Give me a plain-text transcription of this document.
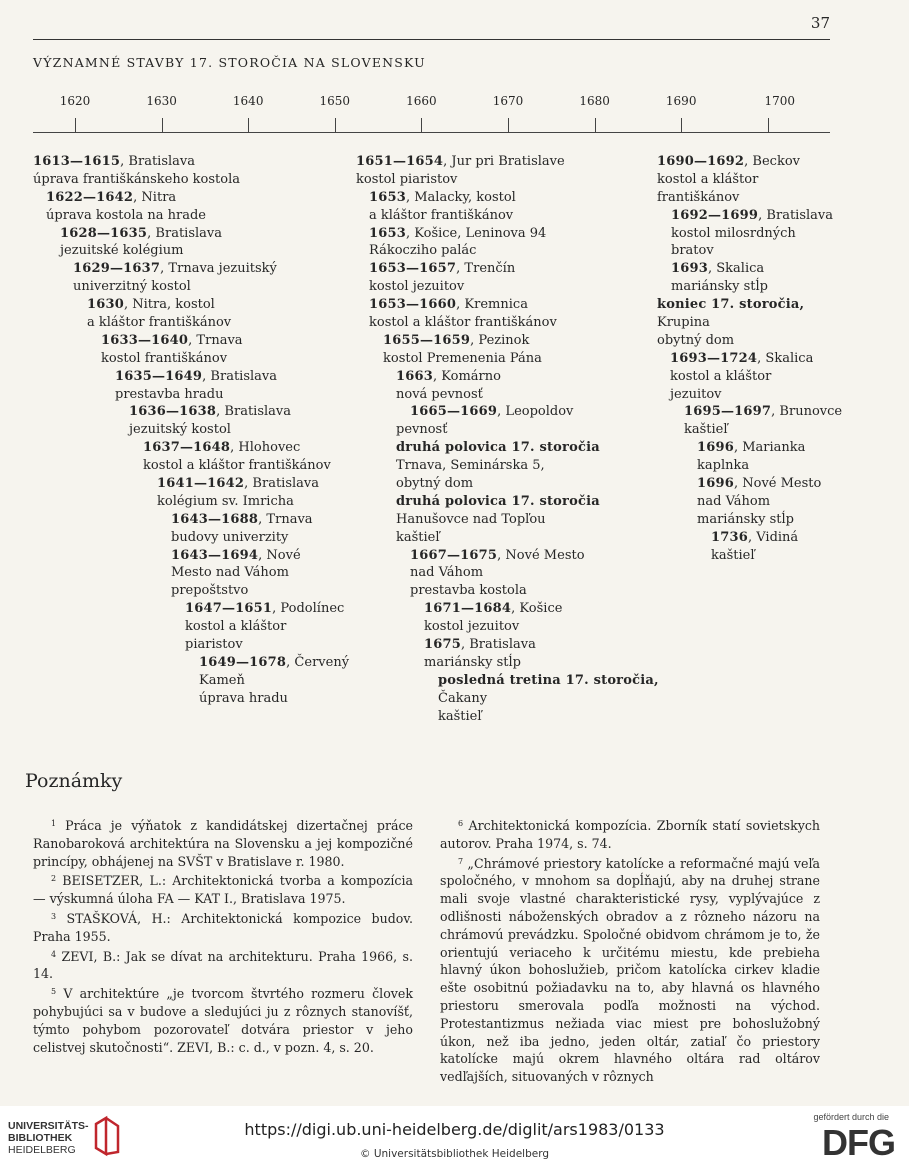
37
VÝZNAMNÉ STAVBY 17. STOROČIA NA SLOVENSKU
1620	1630	1640	1650	1660	1670	1680	1690	1700
1613—1615, Bratislava
úprava františkánskeho kostola
1622—1642, Nitra
úprava kostola na hrade
1628—1635, Bratislava
jezuitské kolégium
1629—1637, Trnava jezuitský
univerzitný kostol
1630, Nitra, kostol
a kláštor františkánov
1633—1640, Trnava
kostol františkánov
1635—1649, Bratislava
prestavba hradu
1636—1638, Bratislava
jezuitský kostol
1637—1648, Hlohovec
kostol a kláštor františkánov
1641—1642, Bratislava
kolégium sv. Imricha
1643—1688, Trnava
budovy univerzity
1643—1694, Nové
Mesto nad Váhom
prepoštstvo
1647—1651, Podolínec
kostol a kláštor
piaristov
1649—1678, Červený
Kameň
úprava hradu
1651—1654, Jur pri Bratislave
kostol piaristov
1653, Malacky, kostol
a kláštor františkánov
1653, Košice, Leninova 94
Rákocziho palác
1653—1657, Trenčín
kostol jezuitov
1653—1660, Kremnica
kostol a kláštor františkánov
1655—1659, Pezinok
kostol Premenenia Pána
1663, Komárno
nová pevnosť
1665—1669, Leopoldov
pevnosť
druhá polovica 17. storočia
Trnava, Seminárska 5,
obytný dom
druhá polovica 17. storočia
Hanušovce nad Topľou
kaštieľ
1667—1675, Nové Mesto
nad Váhom
prestavba kostola
1671—1684, Košice
kostol jezuitov
1675, Bratislava
mariánsky stĺp
posledná tretina 17. storočia,
Čakany
kaštieľ
1690—1692, Beckov
kostol a kláštor
františkánov
1692—1699, Bratislava
kostol milosrdných
bratov
1693, Skalica
mariánsky stĺp
koniec 17. storočia,
Krupina
obytný dom
1693—1724, Skalica
kostol a kláštor
jezuitov
1695—1697, Brunovce
kaštieľ
1696, Marianka
kaplnka
1696, Nové Mesto
nad Váhom
mariánsky stĺp
1736, Vidiná
kaštieľ
Poznámky

$^1$ Práca je výňatok z kandidátskej dizertačnej práce Ranobaroková architektúra na Slovensku a jej kompozičné princípy, obhájenej na SVŠT v Bratislave r. 1980.

$^2$ BEISETZER, L.: Architektonická tvorba a kompozícia — výskumná úloha FA — KAT I., Bratislava 1975.

$^3$ STAŠKOVÁ, H.: Architektonická kompozice budov. Praha 1955.

$^4$ ZEVI, B.: Jak se dívat na architekturu. Praha 1966, s. 14.

$^5$ V architektúre „je tvorcom štvrtého rozmeru človek pohybujúci sa v budove a sledujúci ju z rôznych stanovíšť, týmto pohybom pozorovateľ dotvára priestor v jeho celistvej skutočnosti“. ZEVI, B.: c. d., v pozn. 4, s. 20.

$^6$ Architektonická kompozícia. Zborník statí sovietskych autorov. Praha 1974, s. 74.

$^7$ „Chrámové priestory katolícke a reformačné majú veľa spoločného, v mnohom sa dopĺňajú, aby na druhej strane mali svoje vlastné charakteristické rysy, vyplývajúce z odlišnosti náboženských obradov a z rôzneho názoru na chrámovú prevádzku. Spoločné obidvom chrámom je to, že orientujú veriaceho k určitému miestu, kde prebieha hlavný úkon bohoslužieb, pričom katolícka cirkev kladie ešte osobitnú požiadavku na to, aby hlavná os hlavného priestoru smerovala podľa možnosti na východ. Protestantizmus nežiada viac miest pre bohoslužobný úkon, než iba jedno, jeden oltár, zatiaľ čo priestory katolícke majú okrem hlavného oltára rad oltárov vedľajších, situovaných v rôznych

UNIVERSITÄTS-
BIBLIOTHEK
HEIDELBERG
https://digi.ub.uni-heidelberg.de/diglit/ars1983/0133
© Universitätsbibliothek Heidelberg
gefördert durch die
DFG
